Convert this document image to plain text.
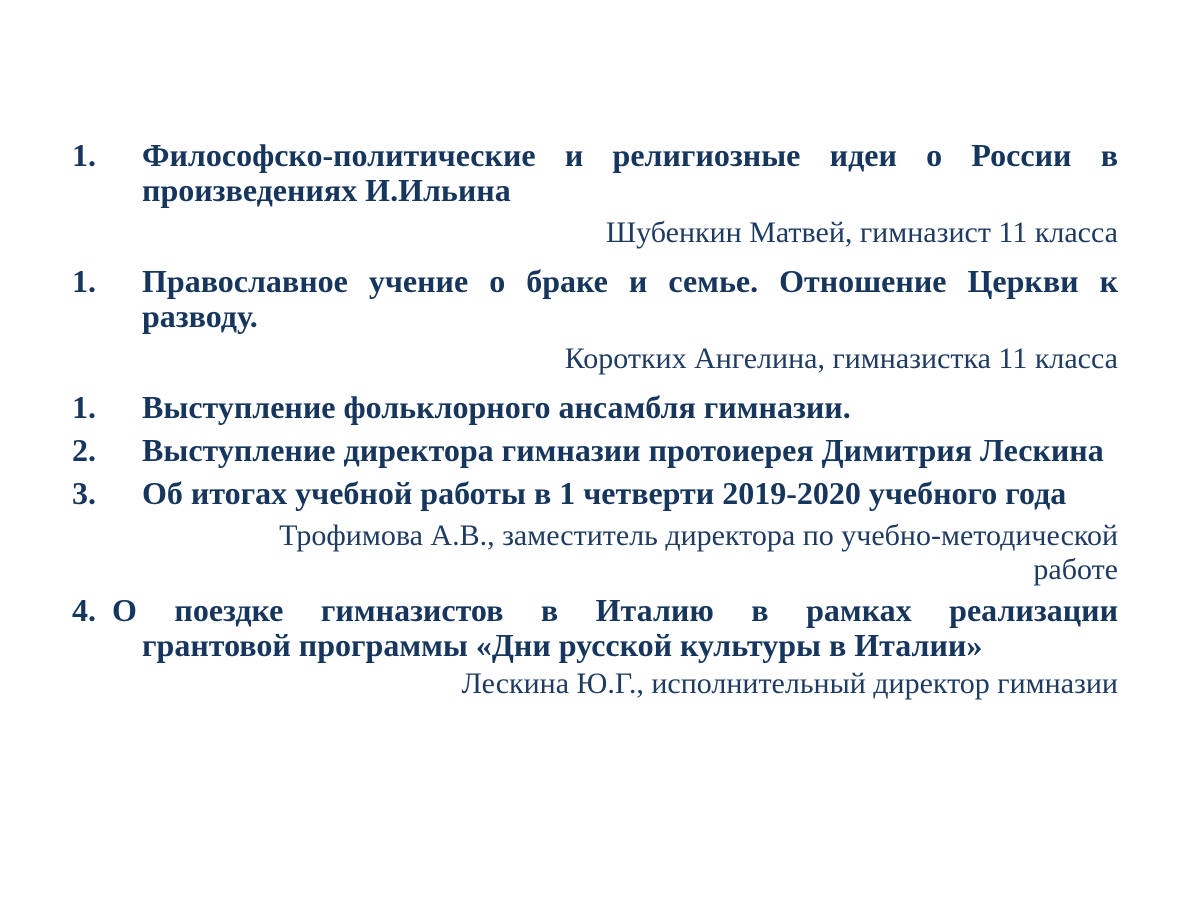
1.	Философско-политические и религиозные идеи о России в произведениях И.Ильина
Шубенкин Матвей, гимназист 11 класса
1.	Православное учение о браке и семье. Отношение Церкви к разводу.
Коротких Ангелина, гимназистка 11 класса
1.	Выступление фольклорного ансамбля гимназии.
2.	Выступление директора гимназии протоиерея Димитрия Лескина
3.	Об итогах учебной работы в 1 четверти 2019-2020 учебного года
Трофимова А.В., заместитель директора по учебно-методической
работе
4. О поездке гимназистов в Италию в рамках реализации
грантовой программы «Дни русской культуры в Италии»
Лескина Ю.Г., исполнительный директор гимназии
